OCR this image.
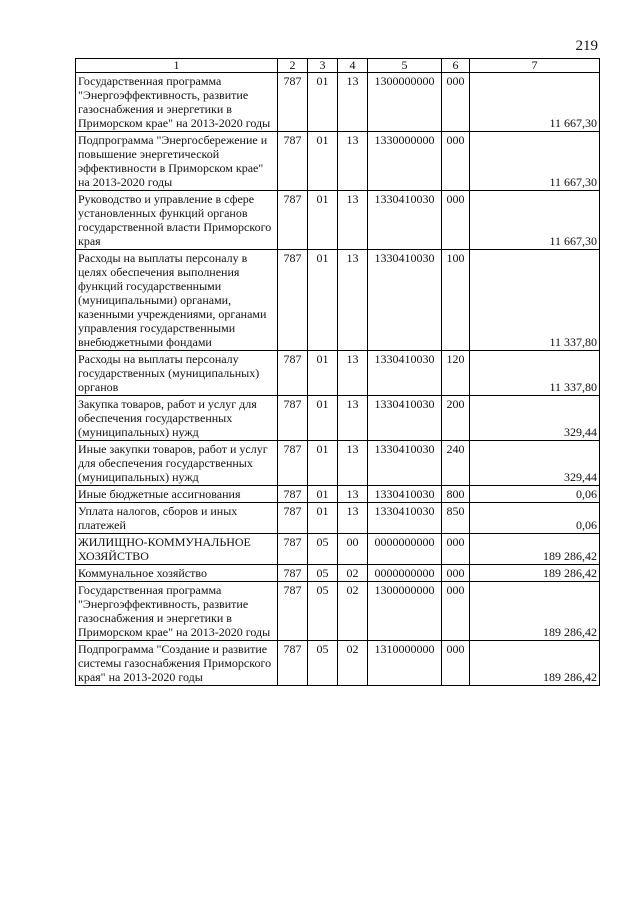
219
1	2	3	4	5	6	7
Государственная программа "Энергоэффективность, развитие газоснабжения и энергетики в Приморском крае" на 2013-2020 годы	787	01	13	1300000000	000	11 667,30
Подпрограмма "Энергосбережение и повышение энергетической эффективности в Приморском крае" на 2013-2020 годы	787	01	13	1330000000	000	11 667,30
Руководство и управление в сфере установленных функций органов государственной власти Приморского края	787	01	13	1330410030	000	11 667,30
Расходы на выплаты персоналу в целях обеспечения выполнения функций государственными (муниципальными) органами, казенными учреждениями, органами управления государственными внебюджетными фондами	787	01	13	1330410030	100	11 337,80
Расходы на выплаты персоналу государственных (муниципальных) органов	787	01	13	1330410030	120	11 337,80
Закупка товаров, работ и услуг для обеспечения государственных (муниципальных) нужд	787	01	13	1330410030	200	329,44
Иные закупки товаров, работ и услуг для обеспечения государственных (муниципальных) нужд	787	01	13	1330410030	240	329,44
Иные бюджетные ассигнования	787	01	13	1330410030	800	0,06
Уплата налогов, сборов и иных платежей	787	01	13	1330410030	850	0,06
ЖИЛИЩНО-КОММУНАЛЬНОЕ ХОЗЯЙСТВО	787	05	00	0000000000	000	189 286,42
Коммунальное хозяйство	787	05	02	0000000000	000	189 286,42
Государственная программа "Энергоэффективность, развитие газоснабжения и энергетики в Приморском крае" на 2013-2020 годы	787	05	02	1300000000	000	189 286,42
Подпрограмма "Создание и развитие системы газоснабжения Приморского края" на 2013-2020 годы	787	05	02	1310000000	000	189 286,42
